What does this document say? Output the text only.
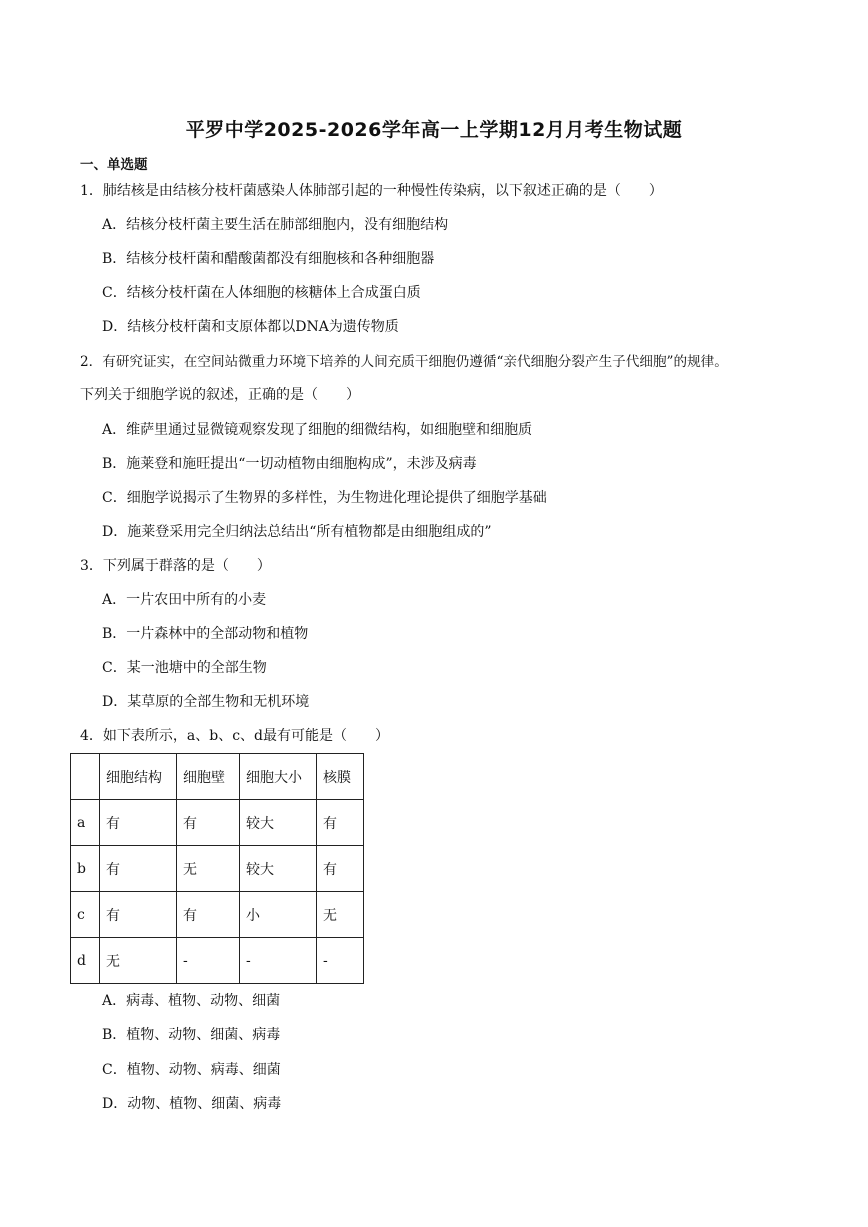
平罗中学2025-2026学年高一上学期12月月考生物试题
一、单选题
1．肺结核是由结核分枝杆菌感染人体肺部引起的一种慢性传染病，以下叙述正确的是（　　）
A．结核分枝杆菌主要生活在肺部细胞内，没有细胞结构
B．结核分枝杆菌和醋酸菌都没有细胞核和各种细胞器
C．结核分枝杆菌在人体细胞的核糖体上合成蛋白质
D．结核分枝杆菌和支原体都以DNA为遗传物质
2．有研究证实，在空间站微重力环境下培养的人间充质干细胞仍遵循“亲代细胞分裂产生子代细胞”的规律。
下列关于细胞学说的叙述，正确的是（　　）
A．维萨里通过显微镜观察发现了细胞的细微结构，如细胞壁和细胞质
B．施莱登和施旺提出“一切动植物由细胞构成”，未涉及病毒
C．细胞学说揭示了生物界的多样性，为生物进化理论提供了细胞学基础
D．施莱登采用完全归纳法总结出“所有植物都是由细胞组成的”
3．下列属于群落的是（　　）
A．一片农田中所有的小麦
B．一片森林中的全部动物和植物
C．某一池塘中的全部生物
D．某草原的全部生物和无机环境
4．如下表所示，a、b、c、d最有可能是（　　）
	细胞结构	细胞壁	细胞大小	核膜
a	有	有	较大	有
b	有	无	较大	有
c	有	有	小	无
d	无	-	-	-
A．病毒、植物、动物、细菌
B．植物、动物、细菌、病毒
C．植物、动物、病毒、细菌
D．动物、植物、细菌、病毒
